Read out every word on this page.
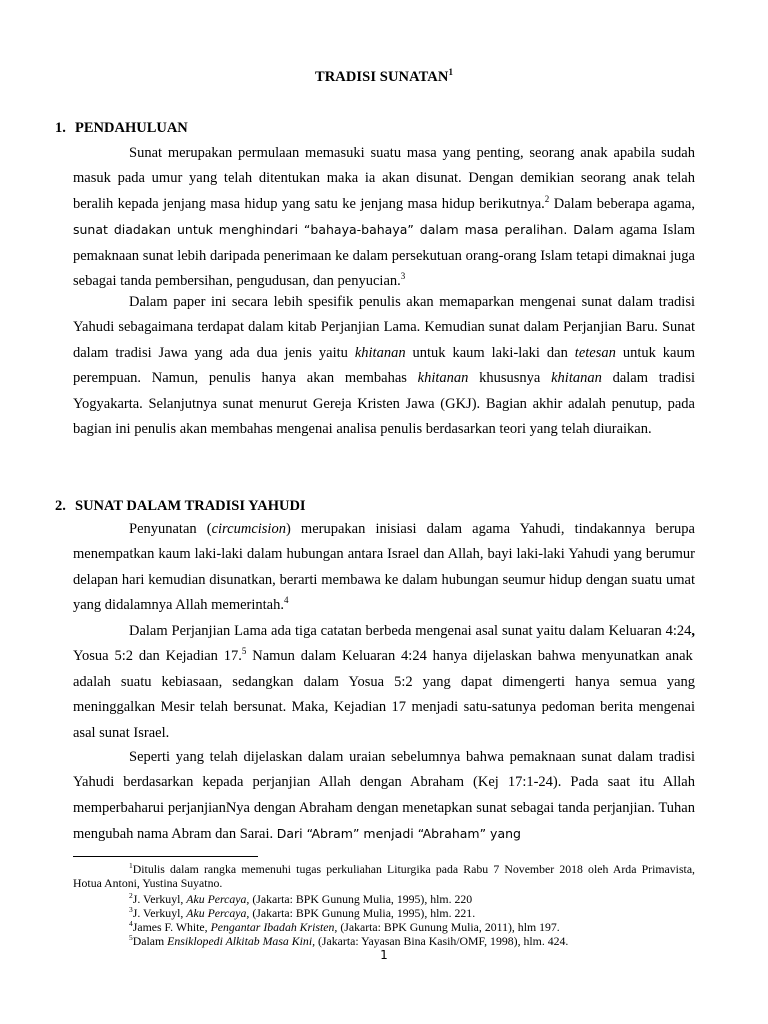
TRADISI SUNATAN$^1$
1. PENDAHULUAN

Sunat merupakan permulaan memasuki suatu masa yang penting, seorang anak apabila sudah masuk pada umur yang telah ditentukan maka ia akan disunat. Dengan demikian seorang anak telah beralih kepada jenjang masa hidup yang satu ke jenjang masa hidup berikutnya.$^2$ Dalam beberapa agama, sunat diadakan untuk menghindari “bahaya-bahaya” dalam masa peralihan. Dalam agama Islam pemaknaan sunat lebih daripada penerimaan ke dalam persekutuan orang-orang Islam tetapi dimaknai juga sebagai tanda pembersihan, pengudusan, dan penyucian.$^3$

Dalam paper ini secara lebih spesifik penulis akan memaparkan mengenai sunat dalam tradisi Yahudi sebagaimana terdapat dalam kitab Perjanjian Lama. Kemudian sunat dalam Perjanjian Baru. Sunat dalam tradisi Jawa yang ada dua jenis yaitu khitanan untuk kaum laki-laki dan tetesan untuk kaum perempuan. Namun, penulis hanya akan membahas khitanan khususnya khitanan dalam tradisi Yogyakarta. Selanjutnya sunat menurut Gereja Kristen Jawa (GKJ). Bagian akhir adalah penutup, pada bagian ini penulis akan membahas mengenai analisa penulis berdasarkan teori yang telah diuraikan.

2. SUNAT DALAM TRADISI YAHUDI

Penyunatan (circumcision) merupakan inisiasi dalam agama Yahudi, tindakannya berupa menempatkan kaum laki-laki dalam hubungan antara Israel dan Allah, bayi laki-laki Yahudi yang berumur delapan hari kemudian disunatkan, berarti membawa ke dalam hubungan seumur hidup dengan suatu umat yang didalamnya Allah memerintah.$^4$

Dalam Perjanjian Lama ada tiga catatan berbeda mengenai asal sunat yaitu dalam Keluaran 4:24, Yosua 5:2 dan Kejadian 17.$^5$ Namun dalam Keluaran 4:24 hanya dijelaskan bahwa menyunatkan anak adalah suatu kebiasaan, sedangkan dalam Yosua 5:2 yang dapat dimengerti hanya semua yang meninggalkan Mesir telah bersunat. Maka, Kejadian 17 menjadi satu-satunya pedoman berita mengenai asal sunat Israel.

Seperti yang telah dijelaskan dalam uraian sebelumnya bahwa pemaknaan sunat dalam tradisi Yahudi berdasarkan kepada perjanjian Allah dengan Abraham (Kej 17:1-24). Pada saat itu Allah memperbaharui perjanjianNya dengan Abraham dengan menetapkan sunat sebagai tanda perjanjian. Tuhan mengubah nama Abram dan Sarai. Dari “Abram” menjadi “Abraham” yang

$^1$Ditulis dalam rangka memenuhi tugas perkuliahan Liturgika pada Rabu 7 November 2018 oleh Arda Primavista, Hotua Antoni, Yustina Suyatno.
$^2$J. Verkuyl, Aku Percaya, (Jakarta: BPK Gunung Mulia, 1995), hlm. 220
$^3$J. Verkuyl, Aku Percaya, (Jakarta: BPK Gunung Mulia, 1995), hlm. 221.
$^4$James F. White, Pengantar Ibadah Kristen, (Jakarta: BPK Gunung Mulia, 2011), hlm 197.
$^5$Dalam Ensiklopedi Alkitab Masa Kini, (Jakarta: Yayasan Bina Kasih/OMF, 1998), hlm. 424.
1
